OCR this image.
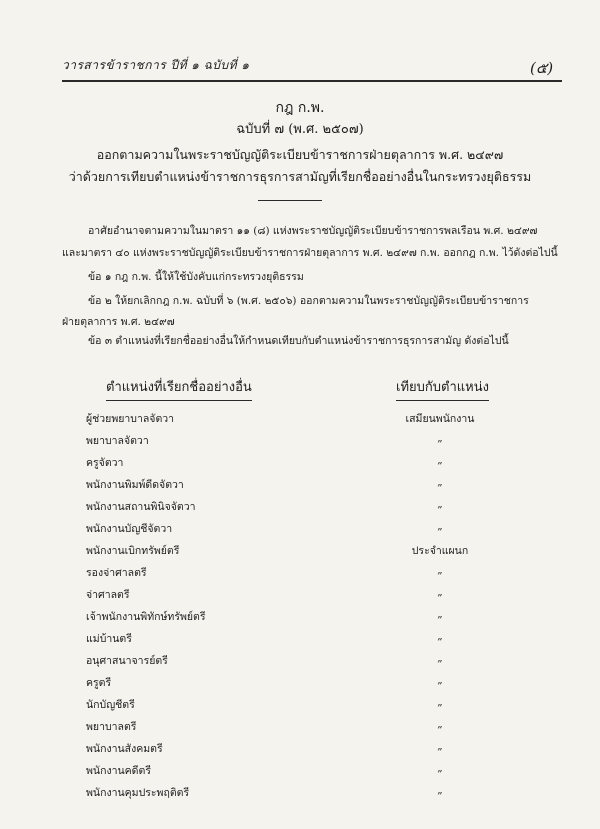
วารสารข้าราชการ ปีที่ ๑ ฉบับที่ ๑	(๕)
กฎ ก.พ.
ฉบับที่ ๗ (พ.ศ. ๒๕๐๗)
ออกตามความในพระราชบัญญัติระเบียบข้าราชการฝ่ายตุลาการ พ.ศ. ๒๔๙๗
ว่าด้วยการเทียบตำแหน่งข้าราชการธุรการสามัญที่เรียกชื่ออย่างอื่นในกระทรวงยุติธรรม
อาศัยอำนาจตามความในมาตรา ๑๑ (๘) แห่งพระราชบัญญัติระเบียบข้าราชการพลเรือน พ.ศ. ๒๔๙๗
และมาตรา ๔๐ แห่งพระราชบัญญัติระเบียบข้าราชการฝ่ายตุลาการ พ.ศ. ๒๔๙๗ ก.พ. ออกกฎ ก.พ. ไว้ดังต่อไปนี้
ข้อ ๑ กฎ ก.พ. นี้ให้ใช้บังคับแก่กระทรวงยุติธรรม
ข้อ ๒ ให้ยกเลิกกฎ ก.พ. ฉบับที่ ๖ (พ.ศ. ๒๕๐๖) ออกตามความในพระราชบัญญัติระเบียบข้าราชการ
ฝ่ายตุลาการ พ.ศ. ๒๔๙๗
ข้อ ๓ ตำแหน่งที่เรียกชื่ออย่างอื่นให้กำหนดเทียบกับตำแหน่งข้าราชการธุรการสามัญ ดังต่อไปนี้
ตำแหน่งที่เรียกชื่ออย่างอื่น	เทียบกับตำแหน่ง
ผู้ช่วยพยาบาลจัตวา	เสมียนพนักงาน
พยาบาลจัตวา	„
ครูจัตวา	„
พนักงานพิมพ์ดีดจัตวา	„
พนักงานสถานพินิจจัตวา	„
พนักงานบัญชีจัตวา	„
พนักงานเบิกทรัพย์ตรี	ประจำแผนก
รองจ่าศาลตรี	„
จ่าศาลตรี	„
เจ้าพนักงานพิทักษ์ทรัพย์ตรี	„
แม่บ้านตรี	„
อนุศาสนาจารย์ตรี	„
ครูตรี	„
นักบัญชีตรี	„
พยาบาลตรี	„
พนักงานสังคมตรี	„
พนักงานคดีตรี	„
พนักงานคุมประพฤติตรี	„
